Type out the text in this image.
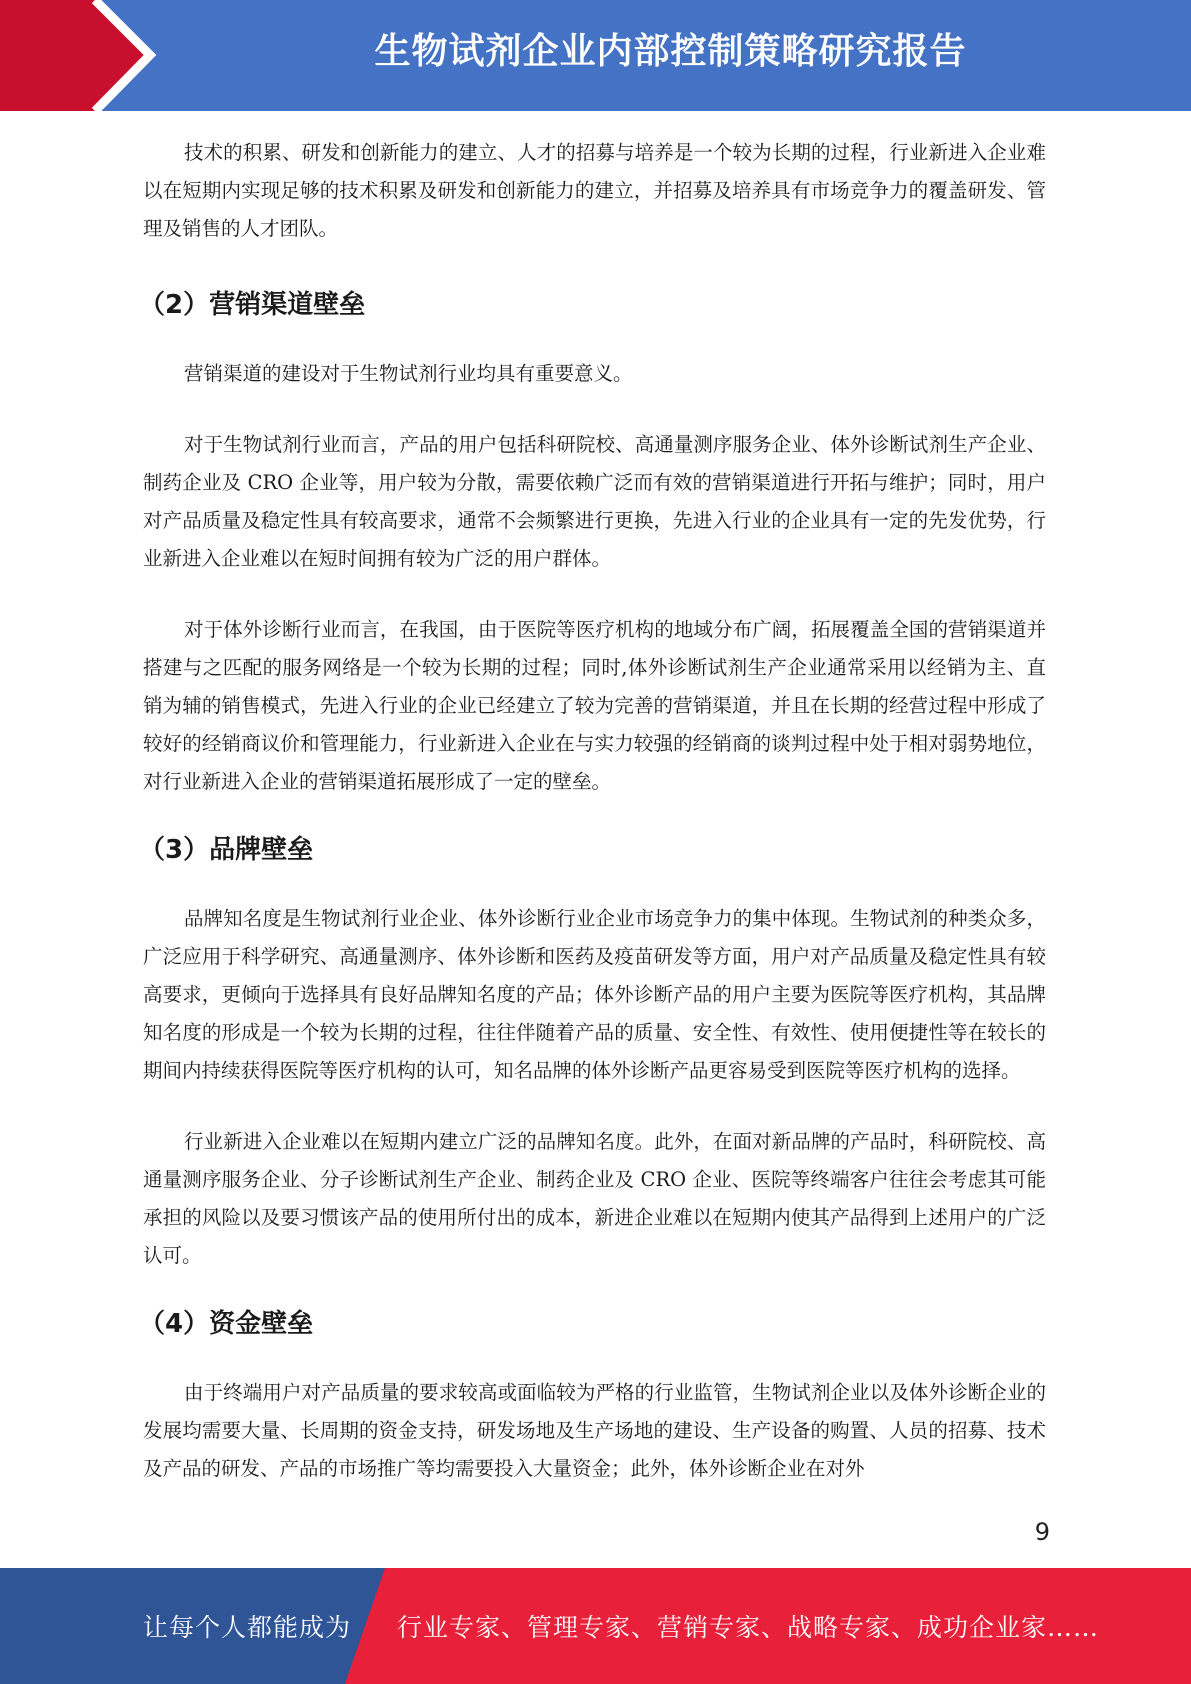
生物试剂企业内部控制策略研究报告

技术的积累、研发和创新能力的建立、人才的招募与培养是一个较为长期的过程，行业新进入企业难以在短期内实现足够的技术积累及研发和创新能力的建立，并招募及培养具有市场竞争力的覆盖研发、管理及销售的人才团队。

（2）营销渠道壁垒

营销渠道的建设对于生物试剂行业均具有重要意义。

对于生物试剂行业而言，产品的用户包括科研院校、高通量测序服务企业、体外诊断试剂生产企业、制药企业及 CRO 企业等，用户较为分散，需要依赖广泛而有效的营销渠道进行开拓与维护；同时，用户对产品质量及稳定性具有较高要求，通常不会频繁进行更换，先进入行业的企业具有一定的先发优势，行业新进入企业难以在短时间拥有较为广泛的用户群体。

对于体外诊断行业而言，在我国，由于医院等医疗机构的地域分布广阔，拓展覆盖全国的营销渠道并搭建与之匹配的服务网络是一个较为长期的过程；同时,体外诊断试剂生产企业通常采用以经销为主、直销为辅的销售模式，先进入行业的企业已经建立了较为完善的营销渠道，并且在长期的经营过程中形成了较好的经销商议价和管理能力，行业新进入企业在与实力较强的经销商的谈判过程中处于相对弱势地位，对行业新进入企业的营销渠道拓展形成了一定的壁垒。

（3）品牌壁垒

品牌知名度是生物试剂行业企业、体外诊断行业企业市场竞争力的集中体现。生物试剂的种类众多，广泛应用于科学研究、高通量测序、体外诊断和医药及疫苗研发等方面，用户对产品质量及稳定性具有较高要求，更倾向于选择具有良好品牌知名度的产品；体外诊断产品的用户主要为医院等医疗机构，其品牌知名度的形成是一个较为长期的过程，往往伴随着产品的质量、安全性、有效性、使用便捷性等在较长的期间内持续获得医院等医疗机构的认可，知名品牌的体外诊断产品更容易受到医院等医疗机构的选择。

行业新进入企业难以在短期内建立广泛的品牌知名度。此外，在面对新品牌的产品时，科研院校、高通量测序服务企业、分子诊断试剂生产企业、制药企业及 CRO 企业、医院等终端客户往往会考虑其可能承担的风险以及要习惯该产品的使用所付出的成本，新进企业难以在短期内使其产品得到上述用户的广泛认可。

（4）资金壁垒

由于终端用户对产品质量的要求较高或面临较为严格的行业监管，生物试剂企业以及体外诊断企业的发展均需要大量、长周期的资金支持，研发场地及生产场地的建设、生产设备的购置、人员的招募、技术及产品的研发、产品的市场推广等均需要投入大量资金；此外，体外诊断企业在对外

9
让每个人都能成为 行业专家、管理专家、营销专家、战略专家、成功企业家……
